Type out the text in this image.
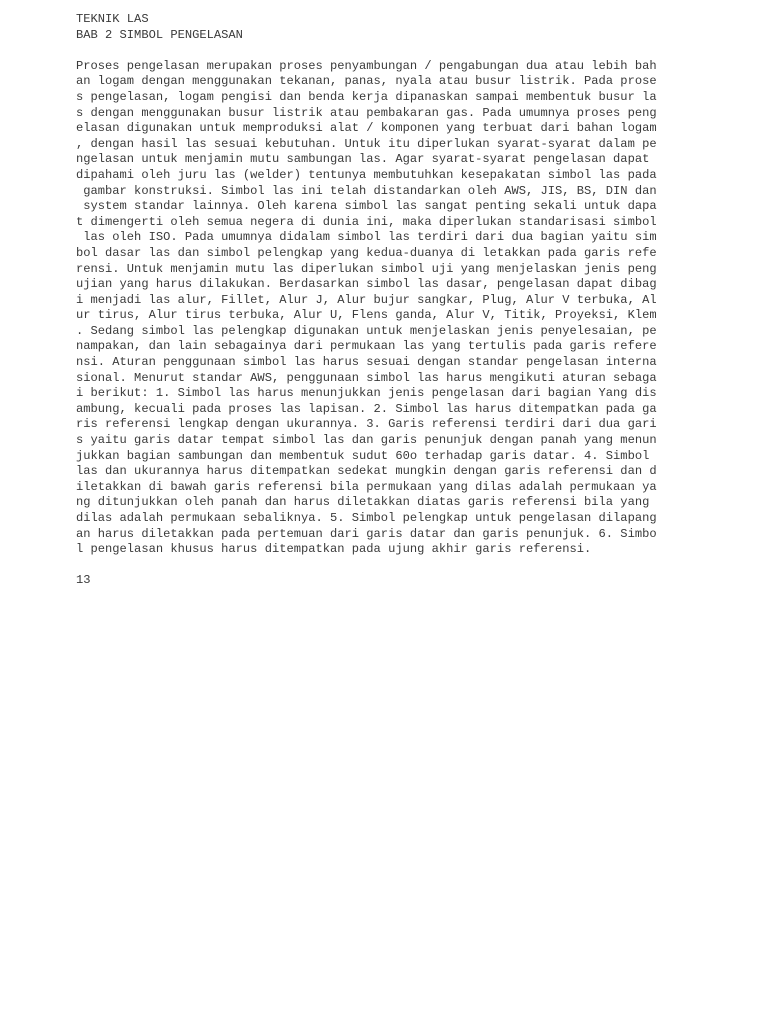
TEKNIK LAS
BAB 2 SIMBOL PENGELASAN
Proses pengelasan merupakan proses penyambungan / pengabungan dua atau lebih bah
an logam dengan menggunakan tekanan, panas, nyala atau busur listrik. Pada prose
s pengelasan, logam pengisi dan benda kerja dipanaskan sampai membentuk busur la
s dengan menggunakan busur listrik atau pembakaran gas. Pada umumnya proses peng
elasan digunakan untuk memproduksi alat / komponen yang terbuat dari bahan logam
, dengan hasil las sesuai kebutuhan. Untuk itu diperlukan syarat-syarat dalam pe
ngelasan untuk menjamin mutu sambungan las. Agar syarat-syarat pengelasan dapat
dipahami oleh juru las (welder) tentunya membutuhkan kesepakatan simbol las pada
gambar konstruksi. Simbol las ini telah distandarkan oleh AWS, JIS, BS, DIN dan
system standar lainnya. Oleh karena simbol las sangat penting sekali untuk dapa
t dimengerti oleh semua negera di dunia ini, maka diperlukan standarisasi simbol
las oleh ISO. Pada umumnya didalam simbol las terdiri dari dua bagian yaitu sim
bol dasar las dan simbol pelengkap yang kedua-duanya di letakkan pada garis refe
rensi. Untuk menjamin mutu las diperlukan simbol uji yang menjelaskan jenis peng
ujian yang harus dilakukan. Berdasarkan simbol las dasar, pengelasan dapat dibag
i menjadi las alur, Fillet, Alur J, Alur bujur sangkar, Plug, Alur V terbuka, Al
ur tirus, Alur tirus terbuka, Alur U, Flens ganda, Alur V, Titik, Proyeksi, Klem
. Sedang simbol las pelengkap digunakan untuk menjelaskan jenis penyelesaian, pe
nampakan, dan lain sebagainya dari permukaan las yang tertulis pada garis refere
nsi. Aturan penggunaan simbol las harus sesuai dengan standar pengelasan interna
sional. Menurut standar AWS, penggunaan simbol las harus mengikuti aturan sebaga
i berikut: 1. Simbol las harus menunjukkan jenis pengelasan dari bagian Yang dis
ambung, kecuali pada proses las lapisan. 2. Simbol las harus ditempatkan pada ga
ris referensi lengkap dengan ukurannya. 3. Garis referensi terdiri dari dua gari
s yaitu garis datar tempat simbol las dan garis penunjuk dengan panah yang menun
jukkan bagian sambungan dan membentuk sudut 60o terhadap garis datar. 4. Simbol
las dan ukurannya harus ditempatkan sedekat mungkin dengan garis referensi dan d
iletakkan di bawah garis referensi bila permukaan yang dilas adalah permukaan ya
ng ditunjukkan oleh panah dan harus diletakkan diatas garis referensi bila yang
dilas adalah permukaan sebaliknya. 5. Simbol pelengkap untuk pengelasan dilapang
an harus diletakkan pada pertemuan dari garis datar dan garis penunjuk. 6. Simbo
l pengelasan khusus harus ditempatkan pada ujung akhir garis referensi.
13
